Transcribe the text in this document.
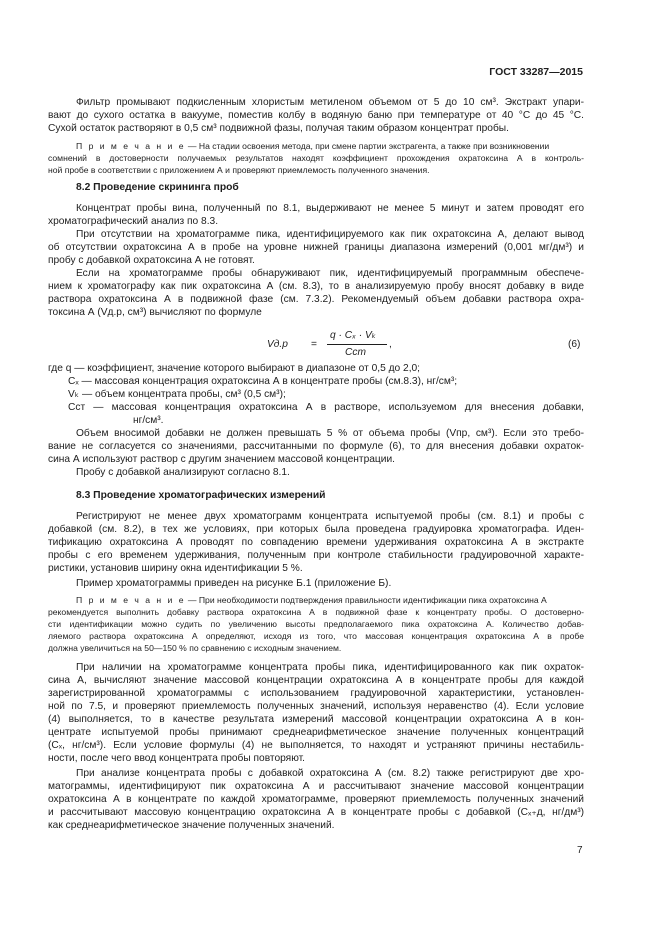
ГОСТ 33287—2015
Фильтр промывают подкисленным хлористым метиленом объемом от 5 до 10 см³. Экстракт упари-
вают до сухого остатка в вакууме, поместив колбу в водяную баню при температуре от 40 °С до 45 °С.
Сухой остаток растворяют в 0,5 см³ подвижной фазы, получая таким образом концентрат пробы.
П р и м е ч а н и е — На стадии освоения метода, при смене партии экстрагента, а также при возникновении
сомнений в достоверности получаемых результатов находят коэффициент прохождения охратоксина А в контроль-
ной пробе в соответствии с приложением А и проверяют приемлемость полученного значения.
8.2 Проведение скрининга проб
Концентрат пробы вина, полученный по 8.1, выдерживают не менее 5 минут и затем проводят его
хроматографический анализ по 8.3.
При отсутствии на хроматограмме пика, идентифицируемого как пик охратоксина А, делают вывод
об отсутствии охратоксина А в пробе на уровне нижней границы диапазона измерений (0,001 мг/дм³) и
пробу с добавкой охратоксина А не готовят.
Если на хроматограмме пробы обнаруживают пик, идентифицируемый программным обеспече-
нием к хроматографу как пик охратоксина А (см. 8.3), то в анализируемую пробу вносят добавку в виде
раствора охратоксина А в подвижной фазе (см. 7.3.2). Рекомендуемый объем добавки раствора охра-
токсина А (Vд.р, см³) вычисляют по формуле
Vд.р =
q · Cₓ · Vₖ
Cст
,	(6)
где q — коэффициент, значение которого выбирают в диапазоне от 0,5 до 2,0;
Cₓ — массовая концентрация охратоксина А в концентрате пробы (см.8.3), нг/см³;
Vₖ — объем концентрата пробы, см³ (0,5 см³);
Cст — массовая концентрация охратоксина А в растворе, используемом для внесения добавки,
нг/см³.
Объем вносимой добавки не должен превышать 5 % от объема пробы (Vпр, см³). Если это требо-
вание не согласуется со значениями, рассчитанными по формуле (6), то для внесения добавки охраток-
сина А используют раствор с другим значением массовой концентрации.
Пробу с добавкой анализируют согласно 8.1.
8.3 Проведение хроматографических измерений
Регистрируют не менее двух хроматограмм концентрата испытуемой пробы (см. 8.1) и пробы с
добавкой (см. 8.2), в тех же условиях, при которых была проведена градуировка хроматографа. Иден-
тификацию охратоксина А проводят по совпадению времени удерживания охратоксина А в экстракте
пробы с его временем удерживания, полученным при контроле стабильности градуировочной характе-
ристики, установив ширину окна идентификации 5 %.
Пример хроматограммы приведен на рисунке Б.1 (приложение Б).
П р и м е ч а н и е — При необходимости подтверждения правильности идентификации пика охратоксина А
рекомендуется выполнить добавку раствора охратоксина А в подвижной фазе к концентрату пробы. О достоверно-
сти идентификации можно судить по увеличению высоты предполагаемого пика охратоксина А. Количество добав-
ляемого раствора охратоксина А определяют, исходя из того, что массовая концентрация охратоксина А в пробе
должна увеличиться на 50—150 % по сравнению с исходным значением.
При наличии на хроматограмме концентрата пробы пика, идентифицированного как пик охраток-
сина А, вычисляют значение массовой концентрации охратоксина А в концентрате пробы для каждой
зарегистрированной хроматограммы с использованием градуировочной характеристики, установлен-
ной по 7.5, и проверяют приемлемость полученных значений, используя неравенство (4). Если условие
(4) выполняется, то в качестве результата измерений массовой концентрации охратоксина А в кон-
центрате испытуемой пробы принимают среднеарифметическое значение полученных концентраций
(Cₓ, нг/см³). Если условие формулы (4) не выполняется, то находят и устраняют причины нестабиль-
ности, после чего ввод концентрата пробы повторяют.
При анализе концентрата пробы с добавкой охратоксина А (см. 8.2) также регистрируют две хро-
матограммы, идентифицируют пик охратоксина А и рассчитывают значение массовой концентрации
охратоксина А в концентрате по каждой хроматограмме, проверяют приемлемость полученных значений
и рассчитывают массовую концентрацию охратоксина А в концентрате пробы с добавкой (Cₓ₊д, нг/дм³)
как среднеарифметическое значение полученных значений.
7
